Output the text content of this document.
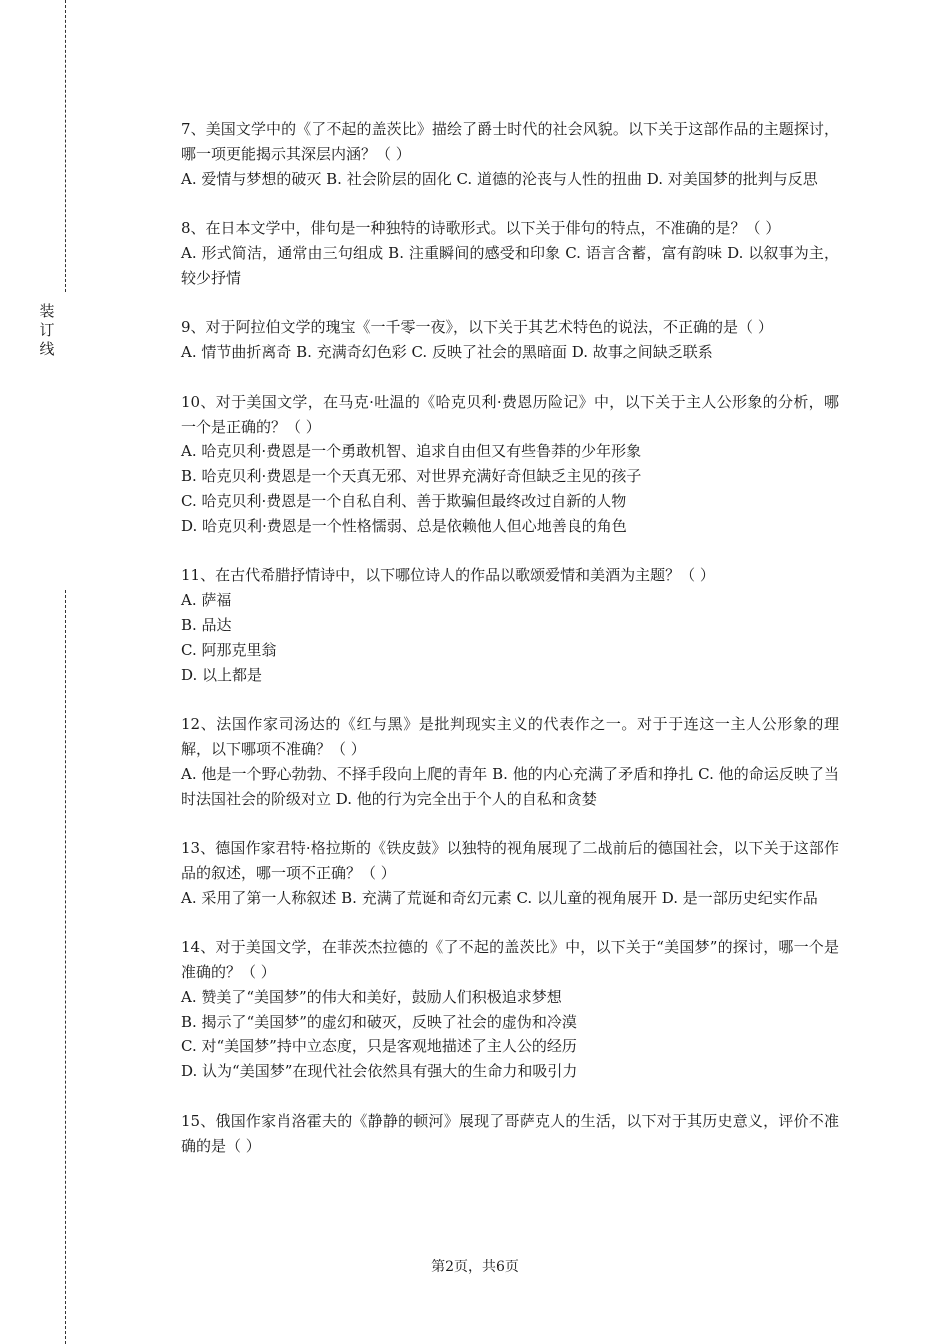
装
订
线

7、美国文学中的《了不起的盖茨比》描绘了爵士时代的社会风貌。以下关于这部作品的主题探讨，哪一项更能揭示其深层内涵？（ ）

A. 爱情与梦想的破灭 B. 社会阶层的固化 C. 道德的沦丧与人性的扭曲 D. 对美国梦的批判与反思

8、在日本文学中，俳句是一种独特的诗歌形式。以下关于俳句的特点，不准确的是？（ ）

A. 形式简洁，通常由三句组成 B. 注重瞬间的感受和印象 C. 语言含蓄，富有韵味 D. 以叙事为主，较少抒情

9、对于阿拉伯文学的瑰宝《一千零一夜》，以下关于其艺术特色的说法，不正确的是（ ）

A. 情节曲折离奇 B. 充满奇幻色彩 C. 反映了社会的黑暗面 D. 故事之间缺乏联系

10、对于美国文学，在马克·吐温的《哈克贝利·费恩历险记》中，以下关于主人公形象的分析，哪一个是正确的？（ ）

A. 哈克贝利·费恩是一个勇敢机智、追求自由但又有些鲁莽的少年形象

B. 哈克贝利·费恩是一个天真无邪、对世界充满好奇但缺乏主见的孩子

C. 哈克贝利·费恩是一个自私自利、善于欺骗但最终改过自新的人物

D. 哈克贝利·费恩是一个性格懦弱、总是依赖他人但心地善良的角色

11、在古代希腊抒情诗中，以下哪位诗人的作品以歌颂爱情和美酒为主题？（ ）

A. 萨福

B. 品达

C. 阿那克里翁

D. 以上都是

12、法国作家司汤达的《红与黑》是批判现实主义的代表作之一。对于于连这一主人公形象的理解，以下哪项不准确？（ ）

A. 他是一个野心勃勃、不择手段向上爬的青年 B. 他的内心充满了矛盾和挣扎 C. 他的命运反映了当时法国社会的阶级对立 D. 他的行为完全出于个人的自私和贪婪

13、德国作家君特·格拉斯的《铁皮鼓》以独特的视角展现了二战前后的德国社会，以下关于这部作品的叙述，哪一项不正确？（ ）

A. 采用了第一人称叙述 B. 充满了荒诞和奇幻元素 C. 以儿童的视角展开 D. 是一部历史纪实作品

14、对于美国文学，在菲茨杰拉德的《了不起的盖茨比》中，以下关于“美国梦”的探讨，哪一个是准确的？（ ）

A. 赞美了“美国梦”的伟大和美好，鼓励人们积极追求梦想

B. 揭示了“美国梦”的虚幻和破灭，反映了社会的虚伪和冷漠

C. 对“美国梦”持中立态度，只是客观地描述了主人公的经历

D. 认为“美国梦”在现代社会依然具有强大的生命力和吸引力

15、俄国作家肖洛霍夫的《静静的顿河》展现了哥萨克人的生活，以下对于其历史意义，评价不准确的是（ ）

第2页，共6页
